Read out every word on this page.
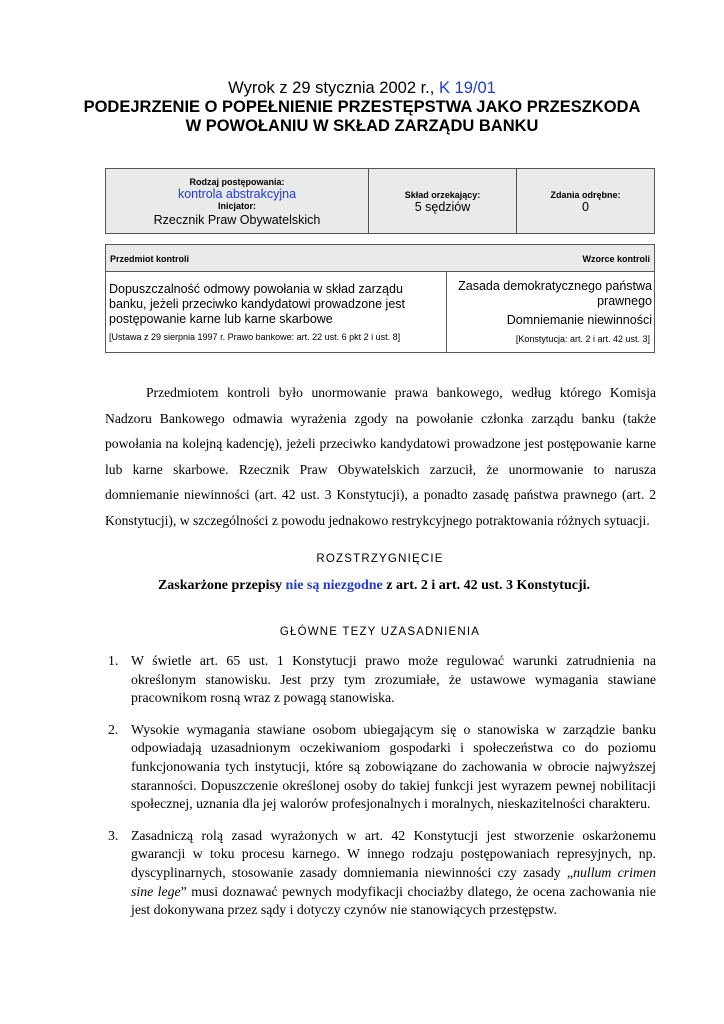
Wyrok z 29 stycznia 2002 r., K 19/01
PODEJRZENIE O POPEŁNIENIE PRZESTĘPSTWA JAKO PRZESZKODA
W POWOŁANIU W SKŁAD ZARZĄDU BANKU
Rodzaj postępowania:
kontrola abstrakcyjna
Inicjator:
Rzecznik Praw Obywatelskich
Skład orzekający:
5 sędziów
Zdania odrębne:
0
Przedmiot kontroli	Wzorce kontroli
Dopuszczalność odmowy powołania w skład zarządu banku, jeżeli przeciwko kandydatowi prowadzone jest postępowanie karne lub karne skarbowe
[Ustawa z 29 sierpnia 1997 r. Prawo bankowe: art. 22 ust. 6 pkt 2 i ust. 8]
Zasada demokratycznego państwa prawnego
Domniemanie niewinności
[Konstytucja: art. 2 i art. 42 ust. 3]
Przedmiotem kontroli było unormowanie prawa bankowego, według którego Komisja Nadzoru Bankowego odmawia wyrażenia zgody na powołanie członka zarządu banku (także powołania na kolejną kadencję), jeżeli przeciwko kandydatowi prowadzone jest postępowanie karne lub karne skarbowe. Rzecznik Praw Obywatelskich zarzucił, że unormowanie to narusza domniemanie niewinności (art. 42 ust. 3 Konstytucji), a ponadto zasadę państwa prawnego (art. 2 Konstytucji), w szczególności z powodu jednakowo restrykcyjnego potraktowania różnych sytuacji.
ROZSTRZYGNIĘCIE
Zaskarżone przepisy nie są niezgodne z art. 2 i art. 42 ust. 3 Konstytucji.
GŁÓWNE TEZY UZASADNIENIA
1. W świetle art. 65 ust. 1 Konstytucji prawo może regulować warunki zatrudnienia na określonym stanowisku. Jest przy tym zrozumiałe, że ustawowe wymagania stawiane pracownikom rosną wraz z powagą stanowiska.
2. Wysokie wymagania stawiane osobom ubiegającym się o stanowiska w zarządzie banku odpowiadają uzasadnionym oczekiwaniom gospodarki i społeczeństwa co do poziomu funkcjonowania tych instytucji, które są zobowiązane do zachowania w obrocie najwyższej staranności. Dopuszczenie określonej osoby do takiej funkcji jest wyrazem pewnej nobilitacji społecznej, uznania dla jej walorów profesjonalnych i moralnych, nieskazitelności charakteru.
3. Zasadniczą rolą zasad wyrażonych w art. 42 Konstytucji jest stworzenie oskarżonemu gwarancji w toku procesu karnego. W innego rodzaju postępowaniach represyjnych, np. dyscyplinarnych, stosowanie zasady domniemania niewinności czy zasady „nullum crimen sine lege” musi doznawać pewnych modyfikacji chociażby dlatego, że ocena zachowania nie jest dokonywana przez sądy i dotyczy czynów nie stanowiących przestępstw.
